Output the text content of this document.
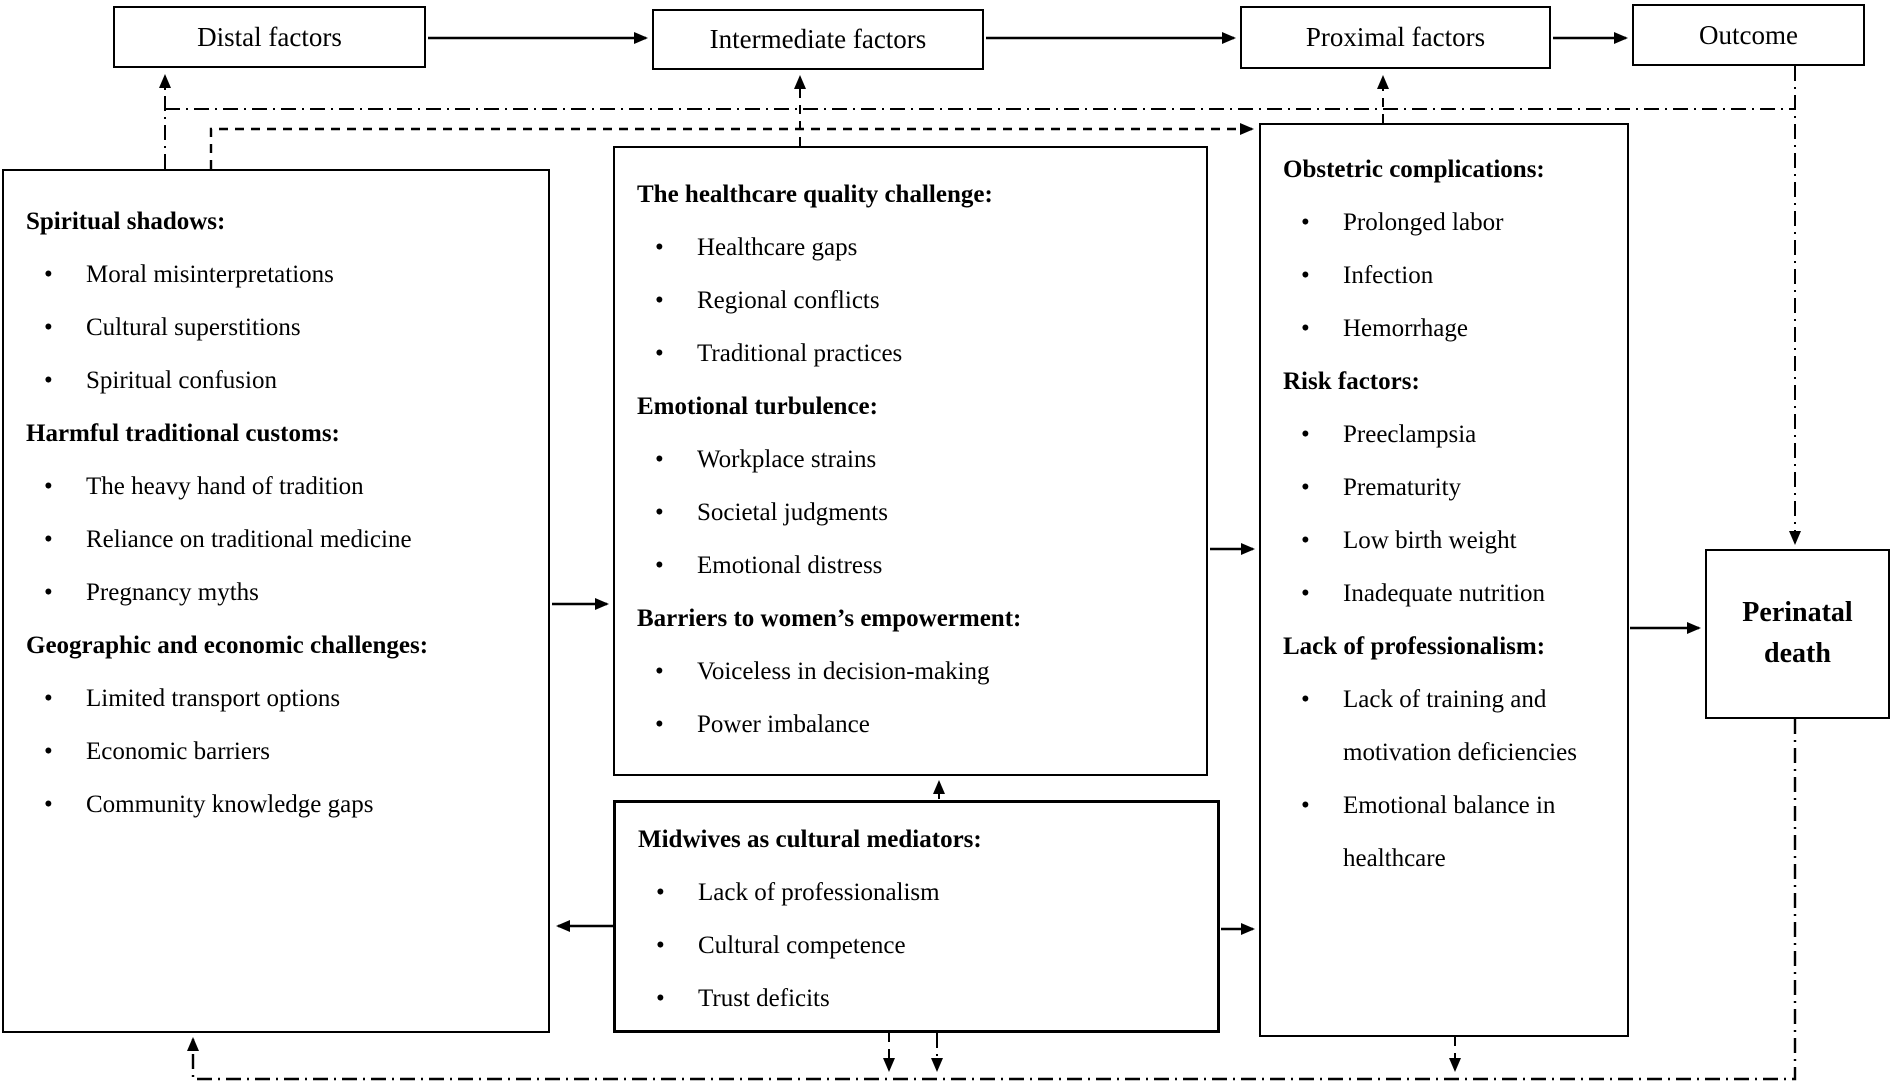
Distal factors	Intermediate factors	Proximal factors	Outcome
Spiritual shadows:
•	Moral misinterpretations
•	Cultural superstitions
•	Spiritual confusion
Harmful traditional customs:
•	The heavy hand of tradition
•	Reliance on traditional medicine
•	Pregnancy myths
Geographic and economic challenges:
•	Limited transport options
•	Economic barriers
•	Community knowledge gaps
The healthcare quality challenge:
•	Healthcare gaps
•	Regional conflicts
•	Traditional practices
Emotional turbulence:
•	Workplace strains
•	Societal judgments
•	Emotional distress
Barriers to women’s empowerment:
•	Voiceless in decision-making
•	Power imbalance
Midwives as cultural mediators:
•	Lack of professionalism
•	Cultural competence
•	Trust deficits
Obstetric complications:
•	Prolonged labor
•	Infection
•	Hemorrhage
Risk factors:
•	Preeclampsia
•	Prematurity
•	Low birth weight
•	Inadequate nutrition
Lack of professionalism:
•	Lack of training and motivation deficiencies
•	Emotional balance in healthcare
Perinatal death
